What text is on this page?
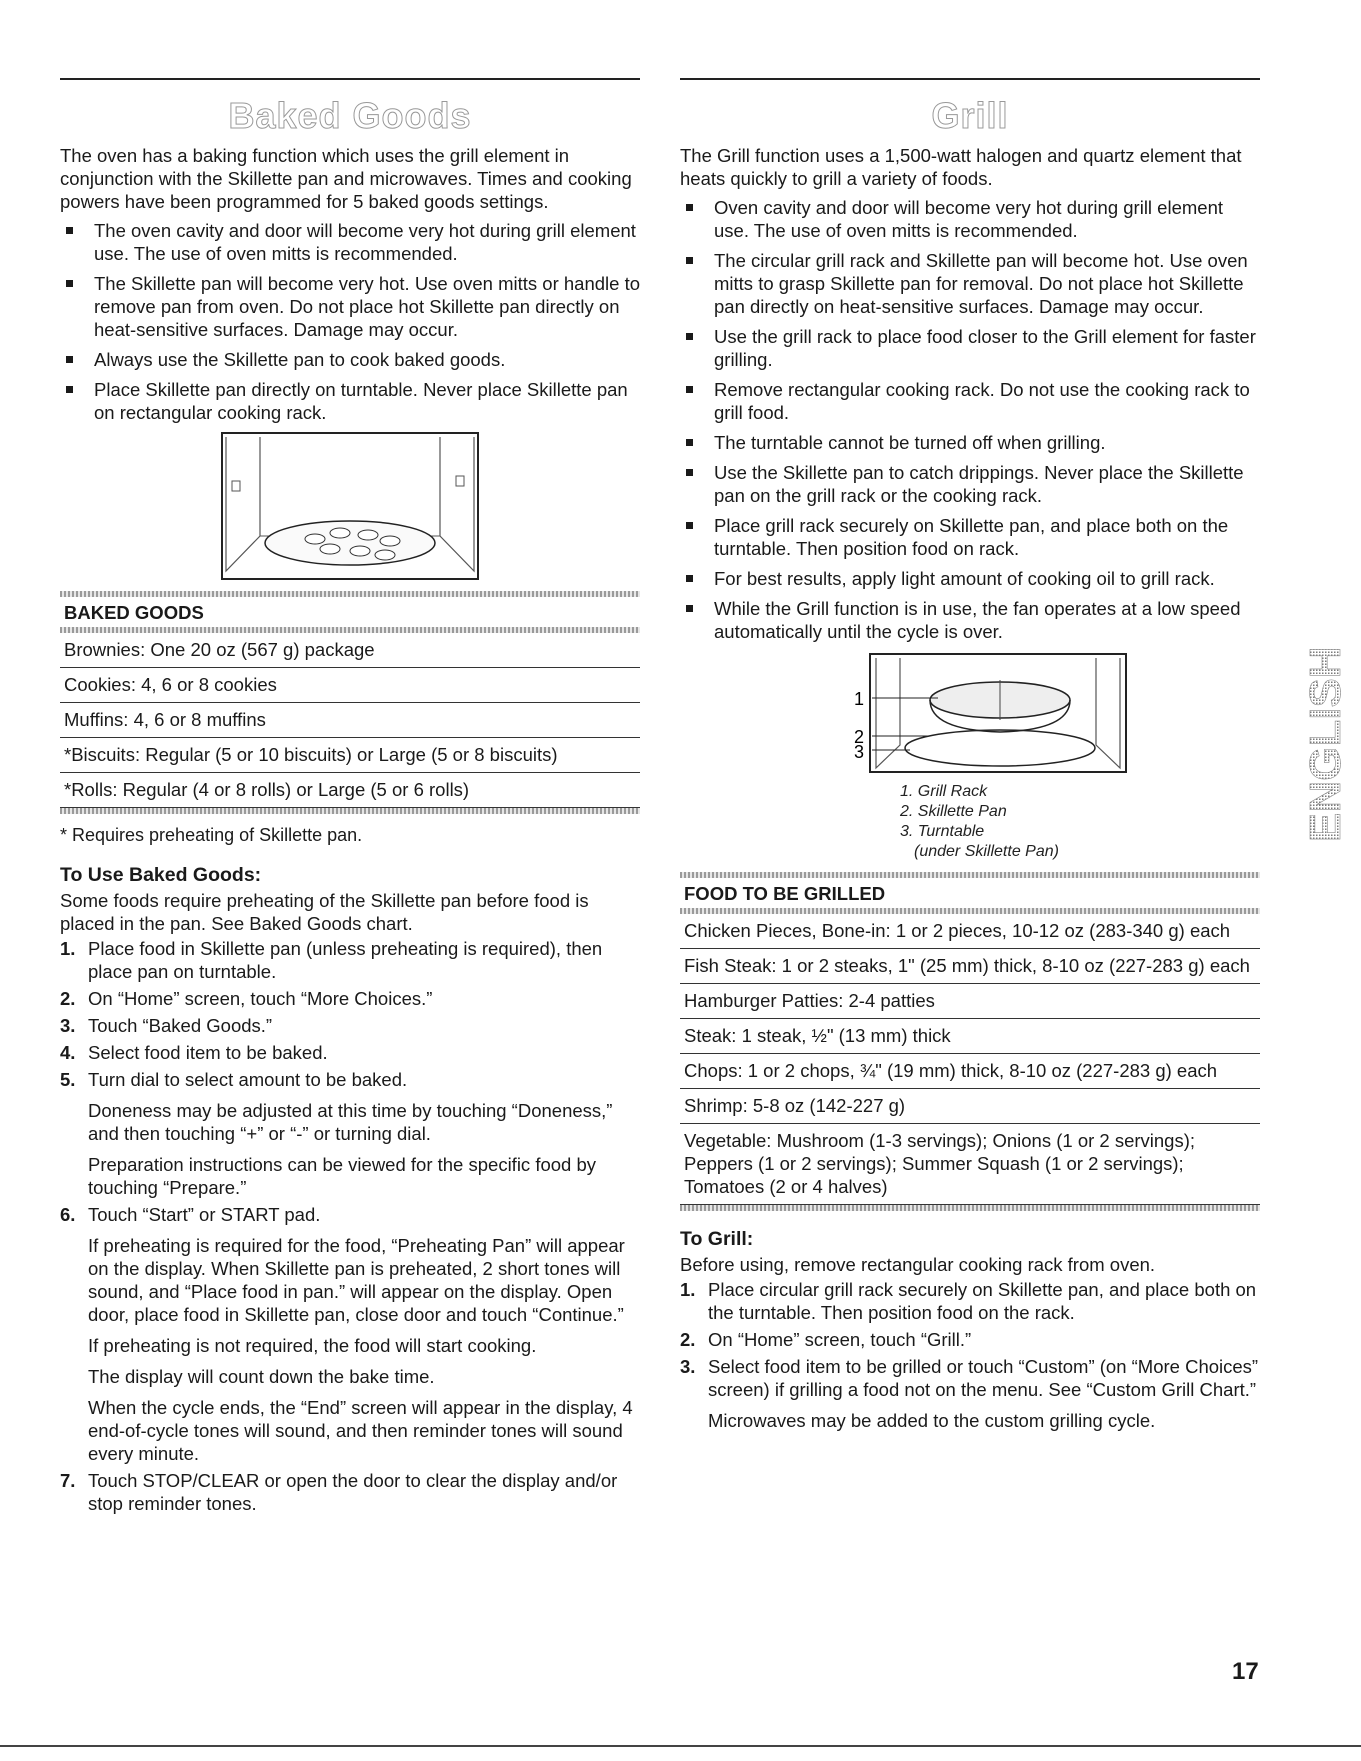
Baked Goods

The oven has a baking function which uses the grill element in conjunction with the Skillette pan and microwaves. Times and cooking powers have been programmed for 5 baked goods settings.

The oven cavity and door will become very hot during grill element use. The use of oven mitts is recommended.
The Skillette pan will become very hot. Use oven mitts or handle to remove pan from oven. Do not place hot Skillette pan directly on heat-sensitive surfaces. Damage may occur.
Always use the Skillette pan to cook baked goods.
Place Skillette pan directly on turntable. Never place Skillette pan on rectangular cooking rack.
BAKED GOODS
Brownies: One 20 oz (567 g) package
Cookies: 4, 6 or 8 cookies
Muffins: 4, 6 or 8 muffins
*Biscuits: Regular (5 or 10 biscuits) or Large (5 or 8 biscuits)
*Rolls: Regular (4 or 8 rolls) or Large (5 or 6 rolls)

* Requires preheating of Skillette pan.

To Use Baked Goods:

Some foods require preheating of the Skillette pan before food is placed in the pan. See Baked Goods chart.

1. Place food in Skillette pan (unless preheating is required), then place pan on turntable.
2. On “Home” screen, touch “More Choices.”
3. Touch “Baked Goods.”
4. Select food item to be baked.
5. Turn dial to select amount to be baked.

Doneness may be adjusted at this time by touching “Doneness,” and then touching “+” or “-” or turning dial.

Preparation instructions can be viewed for the specific food by touching “Prepare.”

6. Touch “Start” or START pad.

If preheating is required for the food, “Preheating Pan” will appear on the display. When Skillette pan is preheated, 2 short tones will sound, and “Place food in pan.” will appear on the display. Open door, place food in Skillette pan, close door and touch “Continue.”

If preheating is not required, the food will start cooking.

The display will count down the bake time.

When the cycle ends, the “End” screen will appear in the display, 4 end-of-cycle tones will sound, and then reminder tones will sound every minute.

7. Touch STOP/CLEAR or open the door to clear the display and/or stop reminder tones.
Grill

The Grill function uses a 1,500-watt halogen and quartz element that heats quickly to grill a variety of foods.

Oven cavity and door will become very hot during grill element use. The use of oven mitts is recommended.
The circular grill rack and Skillette pan will become hot. Use oven mitts to grasp Skillette pan for removal. Do not place hot Skillette pan directly on heat-sensitive surfaces. Damage may occur.
Use the grill rack to place food closer to the Grill element for faster grilling.
Remove rectangular cooking rack. Do not use the cooking rack to grill food.
The turntable cannot be turned off when grilling.
Use the Skillette pan to catch drippings. Never place the Skillette pan on the grill rack or the cooking rack.
Place grill rack securely on Skillette pan, and place both on the turntable. Then position food on rack.
For best results, apply light amount of cooking oil to grill rack.
While the Grill function is in use, the fan operates at a low speed automatically until the cycle is over.
1
2
3
1. Grill Rack
2. Skillette Pan
3. Turntable
(under Skillette Pan)
FOOD TO BE GRILLED
Chicken Pieces, Bone-in: 1 or 2 pieces, 10-12 oz (283-340 g) each
Fish Steak: 1 or 2 steaks, 1" (25 mm) thick, 8-10 oz (227-283 g) each
Hamburger Patties: 2-4 patties
Steak: 1 steak, ½" (13 mm) thick
Chops: 1 or 2 chops, ¾" (19 mm) thick, 8-10 oz (227-283 g) each
Shrimp: 5-8 oz (142-227 g)
Vegetable: Mushroom (1-3 servings); Onions (1 or 2 servings); Peppers (1 or 2 servings); Summer Squash (1 or 2 servings); Tomatoes (2 or 4 halves)
To Grill:

Before using, remove rectangular cooking rack from oven.

1. Place circular grill rack securely on Skillette pan, and place both on the turntable. Then position food on the rack.
2. On “Home” screen, touch “Grill.”
3. Select food item to be grilled or touch “Custom” (on “More Choices” screen) if grilling a food not on the menu. See “Custom Grill Chart.”

Microwaves may be added to the custom grilling cycle.

ENGLISH
17
